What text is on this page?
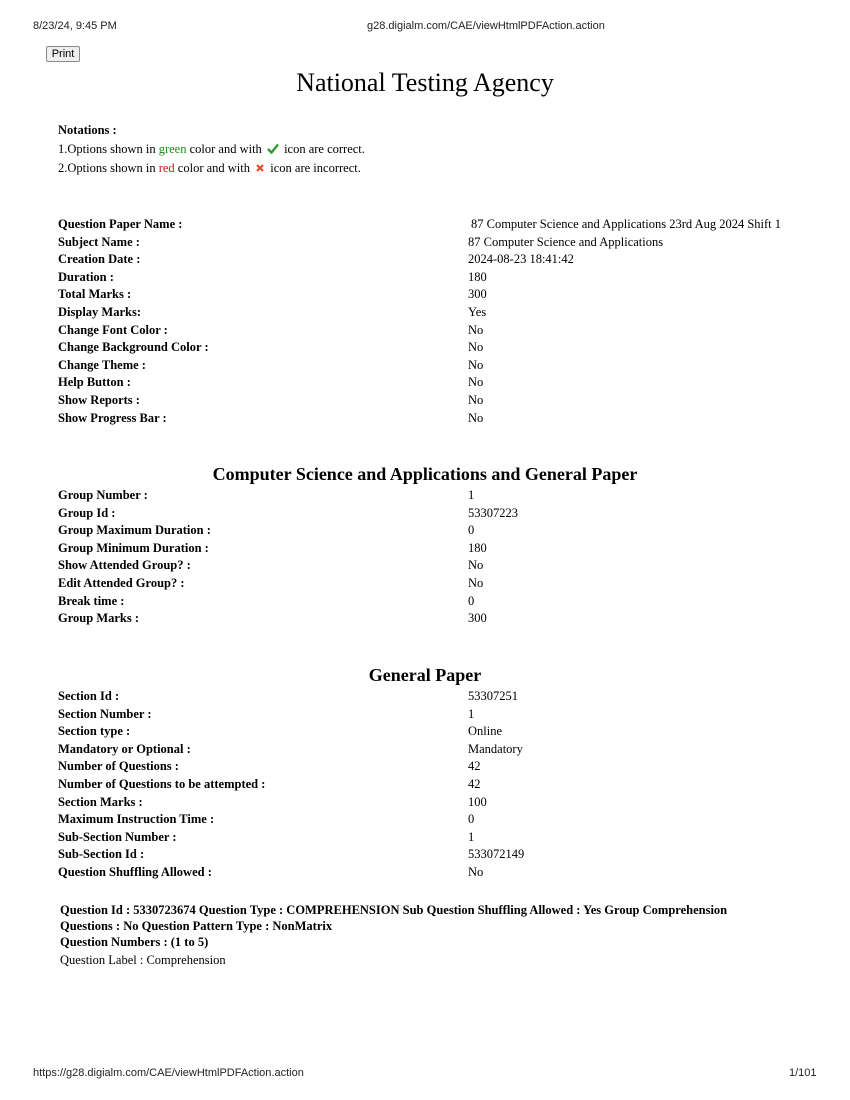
8/23/24, 9:45 PM	g28.digialm.com/CAE/viewHtmlPDFAction.action
Print
National Testing Agency
Notations :
1.Options shown in green color and with  icon are correct.
2.Options shown in red color and with  icon are incorrect.
Question Paper Name :	87 Computer Science and Applications 23rd Aug 2024 Shift 1
Subject Name :	87 Computer Science and Applications
Creation Date :	2024-08-23 18:41:42
Duration :	180
Total Marks :	300
Display Marks:	Yes
Change Font Color :	No
Change Background Color :	No
Change Theme :	No
Help Button :	No
Show Reports :	No
Show Progress Bar :	No
Computer Science and Applications and General Paper
Group Number :	1
Group Id :	53307223
Group Maximum Duration :	0
Group Minimum Duration :	180
Show Attended Group? :	No
Edit Attended Group? :	No
Break time :	0
Group Marks :	300
General Paper
Section Id :	53307251
Section Number :	1
Section type :	Online
Mandatory or Optional :	Mandatory
Number of Questions :	42
Number of Questions to be attempted :	42
Section Marks :	100
Maximum Instruction Time :	0
Sub-Section Number :	1
Sub-Section Id :	533072149
Question Shuffling Allowed :	No
Question Id : 5330723674 Question Type : COMPREHENSION Sub Question Shuffling Allowed : Yes Group Comprehension Questions : No Question Pattern Type : NonMatrix
Question Numbers : (1 to 5)
Question Label : Comprehension
https://g28.digialm.com/CAE/viewHtmlPDFAction.action	1/101
